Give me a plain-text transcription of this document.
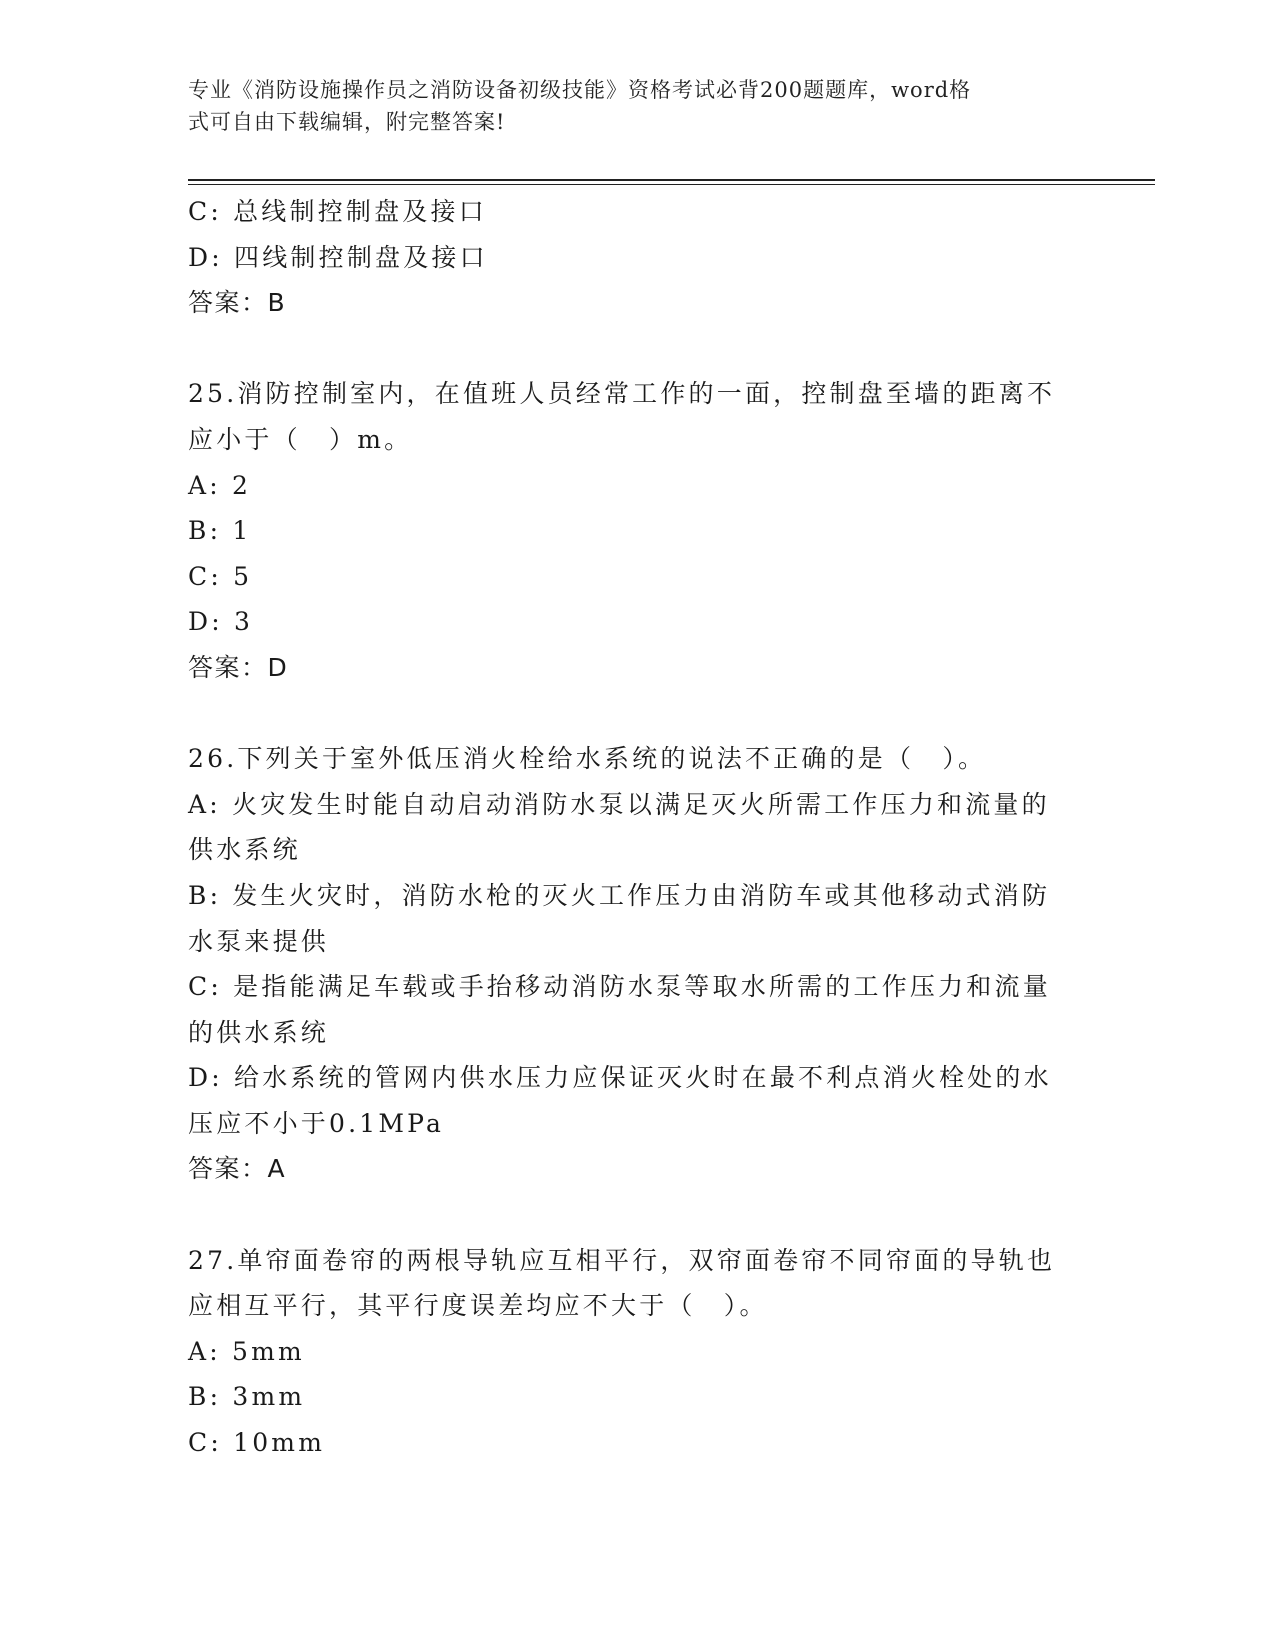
专业《消防设施操作员之消防设备初级技能》资格考试必背200题题库，word格
式可自由下载编辑，附完整答案!
C: 总线制控制盘及接口
D: 四线制控制盘及接口
答案：B
25.消防控制室内，在值班人员经常工作的一面，控制盘至墙的距离不
应小于（　）m。
A: 2
B: 1
C: 5
D: 3
答案：D
26.下列关于室外低压消火栓给水系统的说法不正确的是（　）。
A: 火灾发生时能自动启动消防水泵以满足灭火所需工作压力和流量的
供水系统
B: 发生火灾时，消防水枪的灭火工作压力由消防车或其他移动式消防
水泵来提供
C: 是指能满足车载或手抬移动消防水泵等取水所需的工作压力和流量
的供水系统
D: 给水系统的管网内供水压力应保证灭火时在最不利点消火栓处的水
压应不小于0.1MPa
答案：A
27.单帘面卷帘的两根导轨应互相平行，双帘面卷帘不同帘面的导轨也
应相互平行，其平行度误差均应不大于（　）。
A: 5mm
B: 3mm
C: 10mm
